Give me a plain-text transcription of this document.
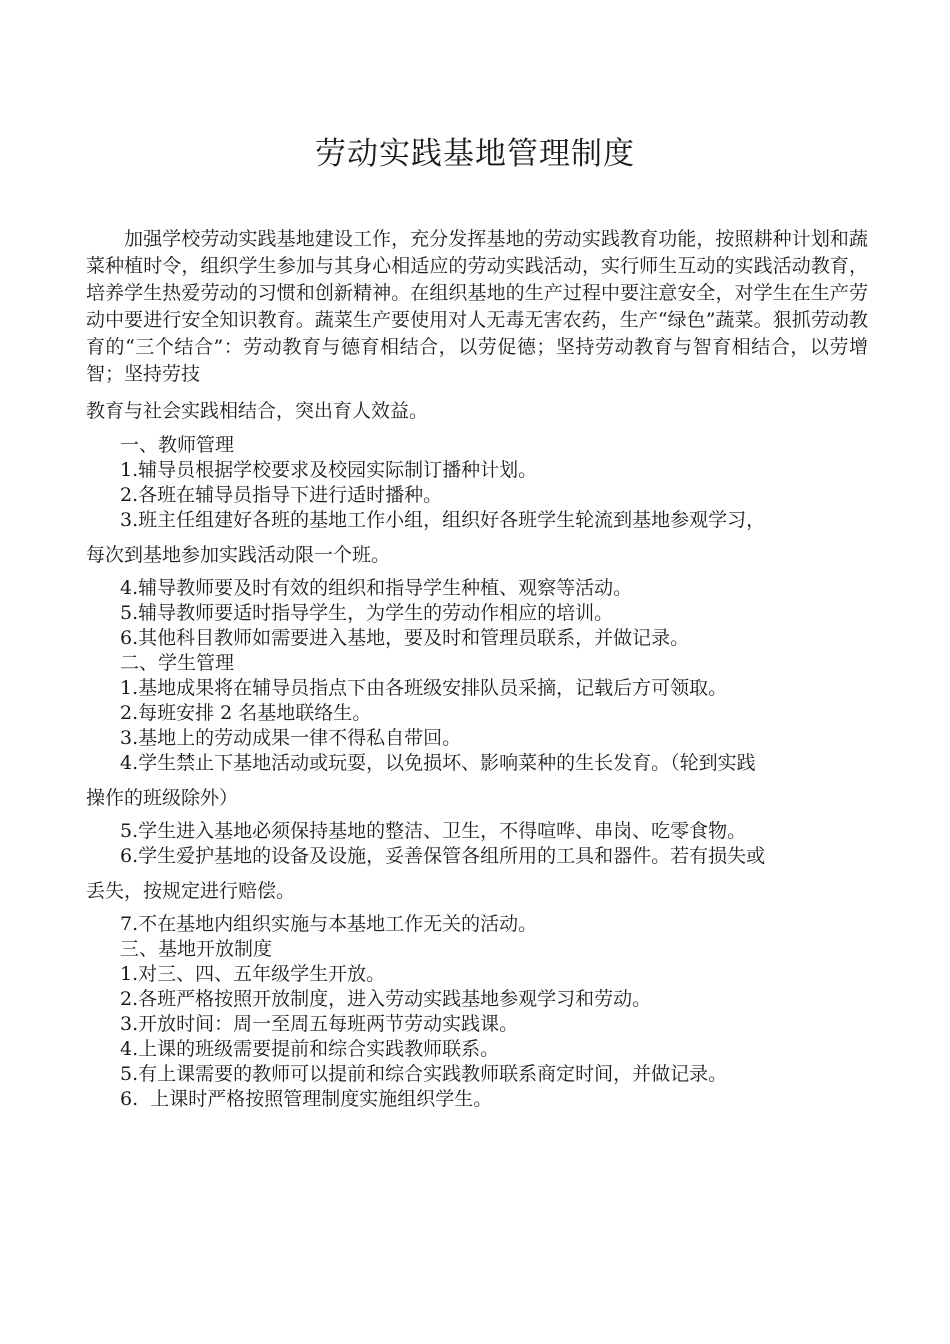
劳动实践基地管理制度

加强学校劳动实践基地建设工作，充分发挥基地的劳动实践教育功能，按照耕种计划和蔬菜种植时令，组织学生参加与其身心相适应的劳动实践活动，实行师生互动的实践活动教育，培养学生热爱劳动的习惯和创新精神。在组织基地的生产过程中要注意安全，对学生在生产劳动中要进行安全知识教育。蔬菜生产要使用对人无毒无害农药，生产“绿色”蔬菜。狠抓劳动教育的“三个结合”：劳动教育与德育相结合，以劳促德；坚持劳动教育与智育相结合，以劳增智；坚持劳技

教育与社会实践相结合，突出育人效益。

一、教师管理
1.辅导员根据学校要求及校园实际制订播种计划。
2.各班在辅导员指导下进行适时播种。
3.班主任组建好各班的基地工作小组，组织好各班学生轮流到基地参观学习，
每次到基地参加实践活动限一个班。
4.辅导教师要及时有效的组织和指导学生种植、观察等活动。
5.辅导教师要适时指导学生，为学生的劳动作相应的培训。
6.其他科目教师如需要进入基地，要及时和管理员联系，并做记录。
二、学生管理
1.基地成果将在辅导员指点下由各班级安排队员采摘，记载后方可领取。
2.每班安排 2 名基地联络生。
3.基地上的劳动成果一律不得私自带回。
4.学生禁止下基地活动或玩耍，以免损坏、影响菜种的生长发育。（轮到实践
操作的班级除外）
5.学生进入基地必须保持基地的整洁、卫生，不得喧哗、串岗、吃零食物。
6.学生爱护基地的设备及设施，妥善保管各组所用的工具和器件。若有损失或
丢失，按规定进行赔偿。
7.不在基地内组织实施与本基地工作无关的活动。
三、基地开放制度
1.对三、四、五年级学生开放。
2.各班严格按照开放制度，进入劳动实践基地参观学习和劳动。
3.开放时间：周一至周五每班两节劳动实践课。
4.上课的班级需要提前和综合实践教师联系。
5.有上课需要的教师可以提前和综合实践教师联系商定时间，并做记录。
6.  上课时严格按照管理制度实施组织学生。
